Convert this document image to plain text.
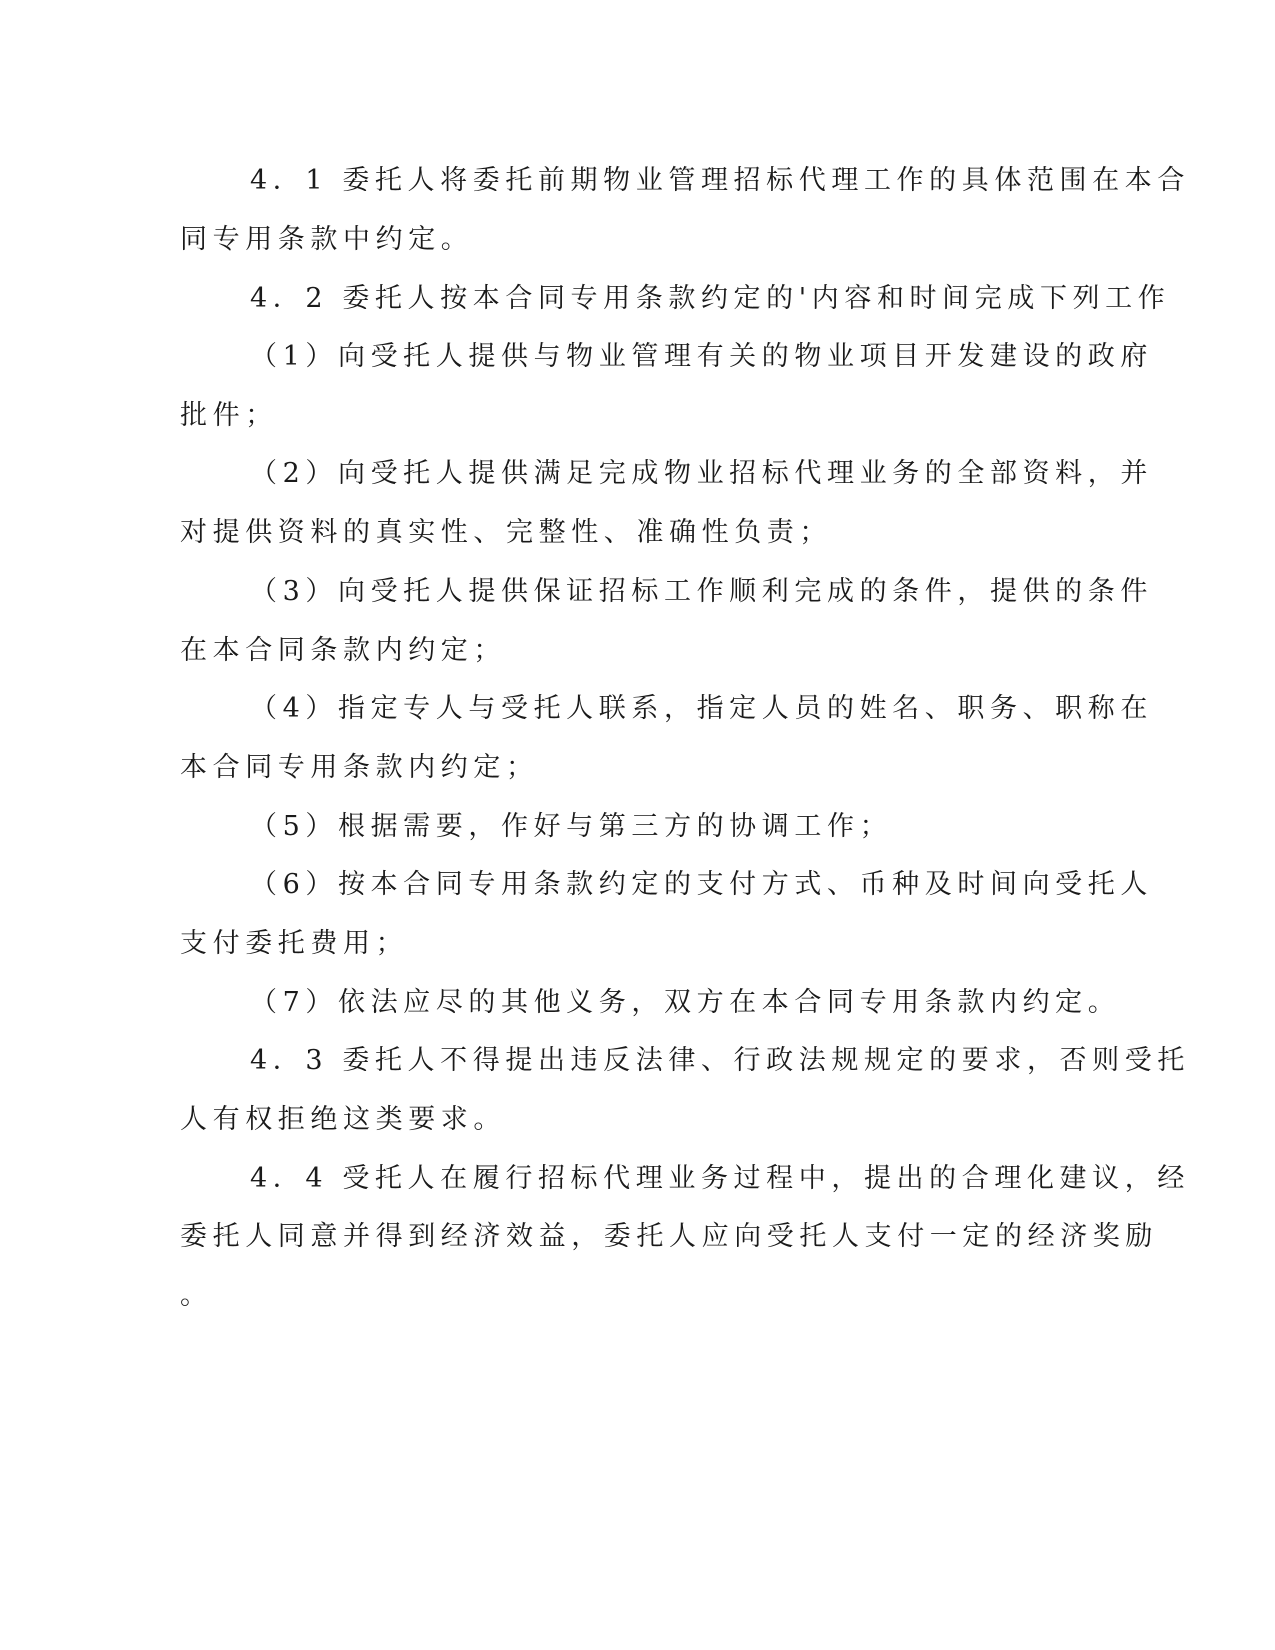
4．1 委托人将委托前期物业管理招标代理工作的具体范围在本合
同专用条款中约定。
4．2 委托人按本合同专用条款约定的'内容和时间完成下列工作
（1）向受托人提供与物业管理有关的物业项目开发建设的政府
批件；
（2）向受托人提供满足完成物业招标代理业务的全部资料，并
对提供资料的真实性、完整性、准确性负责；
（3）向受托人提供保证招标工作顺利完成的条件，提供的条件
在本合同条款内约定；
（4）指定专人与受托人联系，指定人员的姓名、职务、职称在
本合同专用条款内约定；
（5）根据需要，作好与第三方的协调工作；
（6）按本合同专用条款约定的支付方式、币种及时间向受托人
支付委托费用；
（7）依法应尽的其他义务，双方在本合同专用条款内约定。
4．3 委托人不得提出违反法律、行政法规规定的要求，否则受托
人有权拒绝这类要求。
4．4 受托人在履行招标代理业务过程中，提出的合理化建议，经
委托人同意并得到经济效益，委托人应向受托人支付一定的经济奖励
。
